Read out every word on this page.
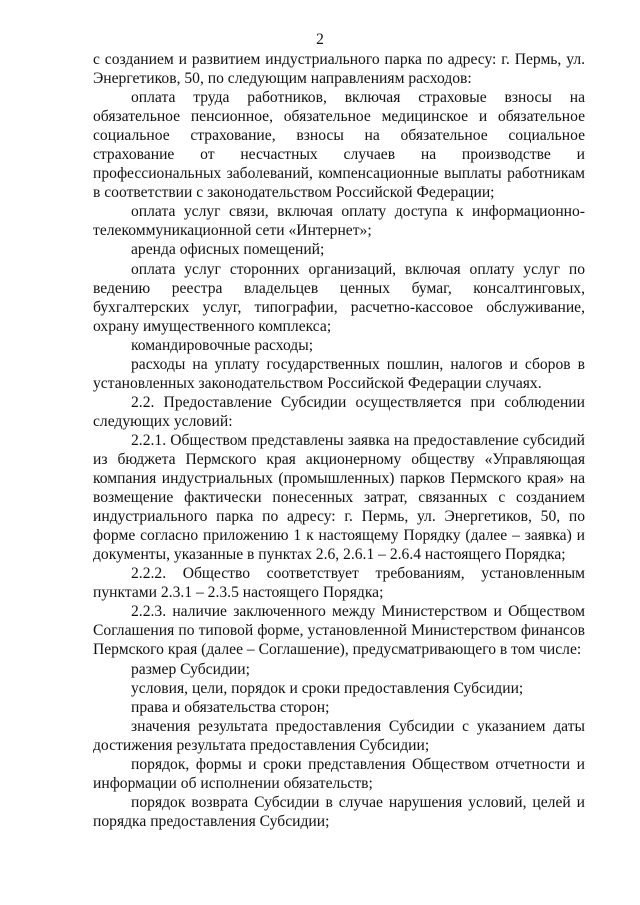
2

с созданием и развитием индустриального парка по адресу: г. Пермь, ул. Энергетиков, 50, по следующим направлениям расходов:

оплата труда работников, включая страховые взносы на обязательное пенсионное, обязательное медицинское и обязательное социальное страхование, взносы на обязательное социальное страхование от несчастных случаев на производстве и профессиональных заболеваний, компенсационные выплаты работникам в соответствии с законодательством Российской Федерации;

оплата услуг связи, включая оплату доступа к информационно-телекоммуникационной сети «Интернет»;

аренда офисных помещений;

оплата услуг сторонних организаций, включая оплату услуг по ведению реестра владельцев ценных бумаг, консалтинговых, бухгалтерских услуг, типографии, расчетно-кассовое обслуживание, охрану имущественного комплекса;

командировочные расходы;

расходы на уплату государственных пошлин, налогов и сборов в установленных законодательством Российской Федерации случаях.

2.2. Предоставление Субсидии осуществляется при соблюдении следующих условий:

2.2.1. Обществом представлены заявка на предоставление субсидий из бюджета Пермского края акционерному обществу «Управляющая компания индустриальных (промышленных) парков Пермского края» на возмещение фактически понесенных затрат, связанных с созданием индустриального парка по адресу: г. Пермь, ул. Энергетиков, 50, по форме согласно приложению 1 к настоящему Порядку (далее – заявка) и документы, указанные в пунктах 2.6, 2.6.1 – 2.6.4 настоящего Порядка;

2.2.2. Общество соответствует требованиям, установленным пунктами 2.3.1 – 2.3.5 настоящего Порядка;

2.2.3. наличие заключенного между Министерством и Обществом Соглашения по типовой форме, установленной Министерством финансов Пермского края (далее – Соглашение), предусматривающего в том числе:

размер Субсидии;

условия, цели, порядок и сроки предоставления Субсидии;

права и обязательства сторон;

значения результата предоставления Субсидии с указанием даты достижения результата предоставления Субсидии;

порядок, формы и сроки представления Обществом отчетности и информации об исполнении обязательств;

порядок возврата Субсидии в случае нарушения условий, целей и порядка предоставления Субсидии;
